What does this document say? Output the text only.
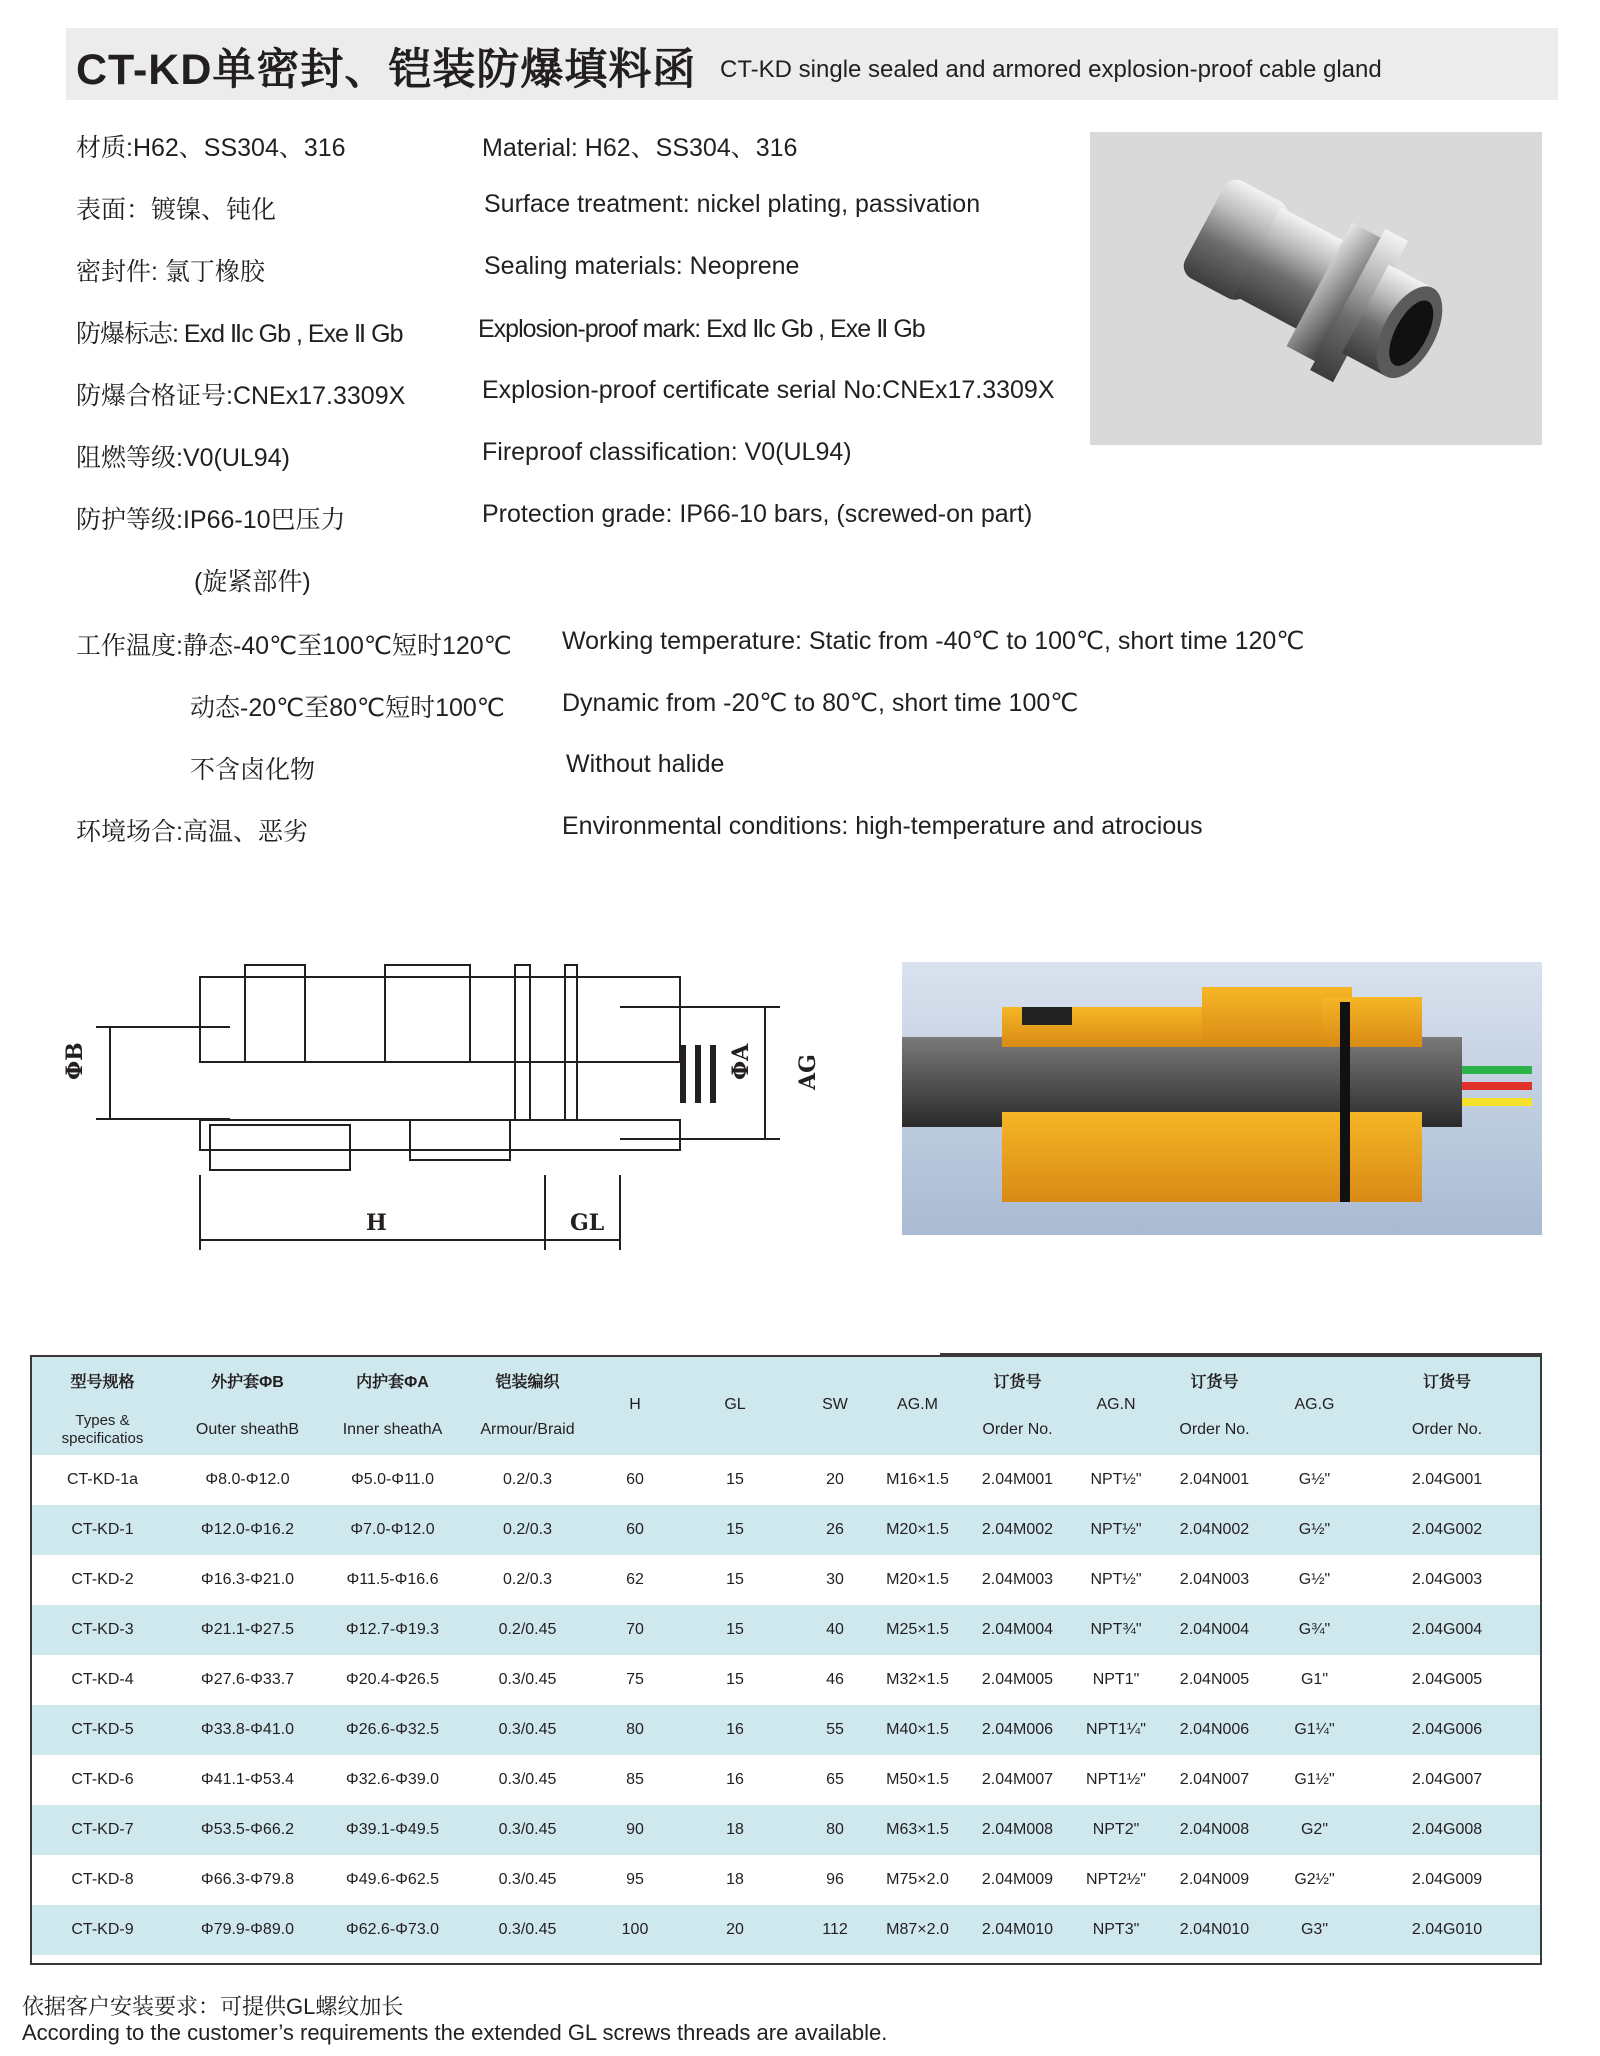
CT-KD单密封、铠装防爆填料函 CT-KD single sealed and armored explosion-proof cable gland
材质:H62、SS304、316	Material: H62、SS304、316
表面：镀镍、钝化	Surface treatment: nickel plating, passivation
密封件: 氯丁橡胶	Sealing materials: Neoprene
防爆标志: Exd Ⅱc Gb , Exe Ⅱ Gb	Explosion-proof mark: Exd Ⅱc Gb , Exe Ⅱ Gb
防爆合格证号:CNEx17.3309X	Explosion-proof certificate serial No:CNEx17.3309X
阻燃等级:V0(UL94)	Fireproof classification: V0(UL94)
防护等级:IP66-10巴压力	Protection grade: IP66-10 bars, (screwed-on part)
(旋紧部件)
工作温度:静态-40℃至100℃短时120℃ Working temperature: Static from -40℃ to 100℃, short time 120℃
动态-20℃至80℃短时100℃ Dynamic from -20℃ to 80℃, short time 100℃
不含卤化物	Without halide
环境场合:高温、恶劣	Environmental conditions: high-temperature and atrocious
ΦB	ΦA AG
H	GL
型号规格	外护套ΦB	内护套ΦA	铠装编织	H	GL	SW	AG.M	订货号	AG.N	订货号	AG.G	订货号
Types &
specificatios	Outer sheathB	Inner sheathA	Armour/Braid					Order No.		Order No.		Order No.
CT-KD-1a	Φ8.0-Φ12.0	Φ5.0-Φ11.0	0.2/0.3	60	15	20	M16×1.5	2.04M001	NPT½"	2.04N001	G½"	2.04G001
CT-KD-1	Φ12.0-Φ16.2	Φ7.0-Φ12.0	0.2/0.3	60	15	26	M20×1.5	2.04M002	NPT½"	2.04N002	G½"	2.04G002
CT-KD-2	Φ16.3-Φ21.0	Φ11.5-Φ16.6	0.2/0.3	62	15	30	M20×1.5	2.04M003	NPT½"	2.04N003	G½"	2.04G003
CT-KD-3	Φ21.1-Φ27.5	Φ12.7-Φ19.3	0.2/0.45	70	15	40	M25×1.5	2.04M004	NPT¾"	2.04N004	G¾"	2.04G004
CT-KD-4	Φ27.6-Φ33.7	Φ20.4-Φ26.5	0.3/0.45	75	15	46	M32×1.5	2.04M005	NPT1"	2.04N005	G1"	2.04G005
CT-KD-5	Φ33.8-Φ41.0	Φ26.6-Φ32.5	0.3/0.45	80	16	55	M40×1.5	2.04M006	NPT1¼"	2.04N006	G1¼"	2.04G006
CT-KD-6	Φ41.1-Φ53.4	Φ32.6-Φ39.0	0.3/0.45	85	16	65	M50×1.5	2.04M007	NPT1½"	2.04N007	G1½"	2.04G007
CT-KD-7	Φ53.5-Φ66.2	Φ39.1-Φ49.5	0.3/0.45	90	18	80	M63×1.5	2.04M008	NPT2"	2.04N008	G2"	2.04G008
CT-KD-8	Φ66.3-Φ79.8	Φ49.6-Φ62.5	0.3/0.45	95	18	96	M75×2.0	2.04M009	NPT2½"	2.04N009	G2½"	2.04G009
CT-KD-9	Φ79.9-Φ89.0	Φ62.6-Φ73.0	0.3/0.45	100	20	112	M87×2.0	2.04M010	NPT3"	2.04N010	G3"	2.04G010
依据客户安装要求：可提供GL螺纹加长
According to the customer’s requirements the extended GL screws threads are available.
